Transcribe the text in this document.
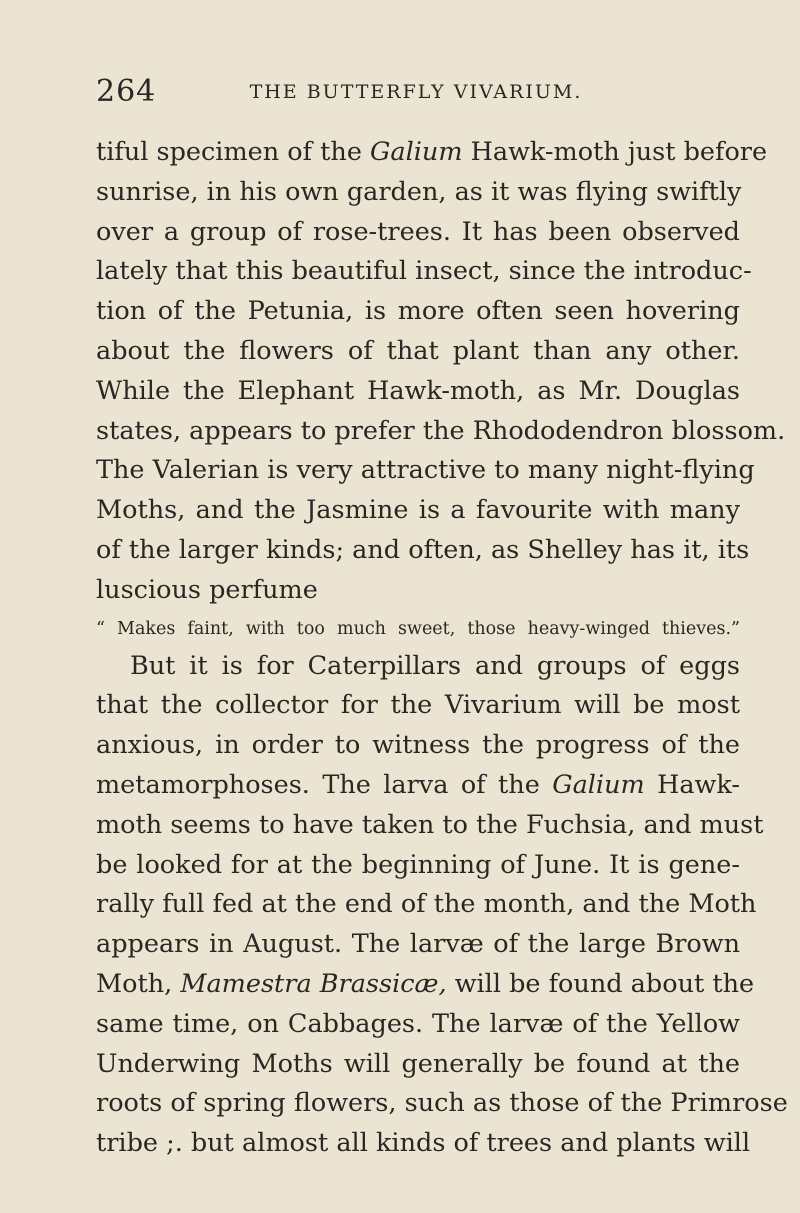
264	THE BUTTERFLY VIVARIUM.
tiful specimen of the Galium Hawk-moth just before
sunrise, in his own garden, as it was flying swiftly
over a group of rose-trees. It has been observed
lately that this beautiful insect, since the introduc-
tion of the Petunia, is more often seen hovering
about the flowers of that plant than any other.
While the Elephant Hawk-moth, as Mr. Douglas
states, appears to prefer the Rhododendron blossom.
The Valerian is very attractive to many night-flying
Moths, and the Jasmine is a favourite with many
of the larger kinds; and often, as Shelley has it, its
luscious perfume
“ Makes faint, with too much sweet, those heavy-winged thieves.”
But it is for Caterpillars and groups of eggs
that the collector for the Vivarium will be most
anxious, in order to witness the progress of the
metamorphoses. The larva of the Galium Hawk-
moth seems to have taken to the Fuchsia, and must
be looked for at the beginning of June. It is gene-
rally full fed at the end of the month, and the Moth
appears in August. The larvæ of the large Brown
Moth, Mamestra Brassicæ, will be found about the
same time, on Cabbages. The larvæ of the Yellow
Underwing Moths will generally be found at the
roots of spring flowers, such as those of the Primrose
tribe ;. but almost all kinds of trees and plants will
